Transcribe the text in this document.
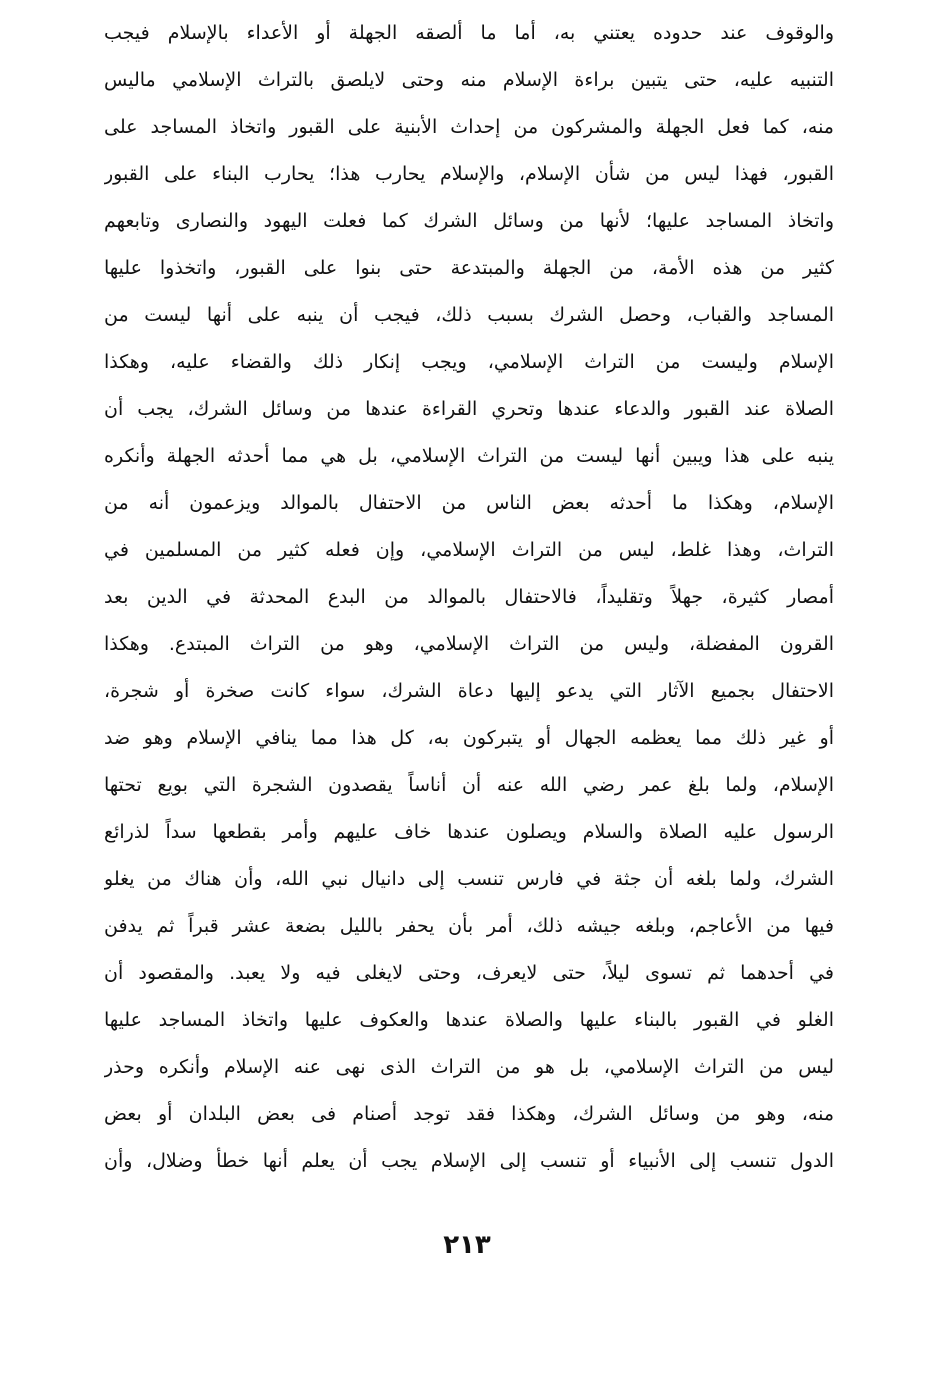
والوقوف عند حدوده يعتني به، أما ما ألصقه الجهلة أو الأعداء بالإسلام فيجب
التنبيه عليه، حتى يتبين براءة الإسلام منه وحتى لايلصق بالتراث الإسلامي ماليس
منه، كما فعل الجهلة والمشركون من إحداث الأبنية على القبور واتخاذ المساجد على
القبور، فهذا ليس من شأن الإسلام، والإسلام يحارب هذا؛ يحارب البناء على القبور
واتخاذ المساجد عليها؛ لأنها من وسائل الشرك كما فعلت اليهود والنصارى وتابعهم
كثير من هذه الأمة، من الجهلة والمبتدعة حتى بنوا على القبور، واتخذوا عليها
المساجد والقباب، وحصل الشرك بسبب ذلك، فيجب أن ينبه على أنها ليست من
الإسلام وليست من التراث الإسلامي، ويجب إنكار ذلك والقضاء عليه، وهكذا
الصلاة عند القبور والدعاء عندها وتحري القراءة عندها من وسائل الشرك، يجب أن
ينبه على هذا ويبين أنها ليست من التراث الإسلامي، بل هي مما أحدثه الجهلة وأنكره
الإسلام، وهكذا ما أحدثه بعض الناس من الاحتفال بالموالد ويزعمون أنه من
التراث، وهذا غلط، ليس من التراث الإسلامي، وإن فعله كثير من المسلمين في
أمصار كثيرة، جهلاً وتقليداً، فالاحتفال بالموالد من البدع المحدثة في الدين بعد
القرون المفضلة، وليس من التراث الإسلامي، وهو من التراث المبتدع. وهكذا
الاحتفال بجميع الآثار التي يدعو إليها دعاة الشرك، سواء كانت صخرة أو شجرة،
أو غير ذلك مما يعظمه الجهال أو يتبركون به، كل هذا مما ينافي الإسلام وهو ضد
الإسلام، ولما بلغ عمر رضي الله عنه أن أناساً يقصدون الشجرة التي بويع تحتها
الرسول عليه الصلاة والسلام ويصلون عندها خاف عليهم وأمر بقطعها سداً لذرائع
الشرك، ولما بلغه أن جثة في فارس تنسب إلى دانيال نبي الله، وأن هناك من يغلو
فيها من الأعاجم، وبلغه جيشه ذلك، أمر بأن يحفر بالليل بضعة عشر قبراً ثم يدفن
في أحدهما ثم تسوى ليلاً، حتى لايعرف، وحتى لايغلى فيه ولا يعبد. والمقصود أن
الغلو في القبور بالبناء عليها والصلاة عندها والعكوف عليها واتخاذ المساجد عليها
ليس من التراث الإسلامي، بل هو من التراث الذى نهى عنه الإسلام وأنكره وحذر
منه، وهو من وسائل الشرك، وهكذا فقد توجد أصنام فى بعض البلدان أو بعض
الدول تنسب إلى الأنبياء أو تنسب إلى الإسلام يجب أن يعلم أنها خطأ وضلال، وأن
٢١٣
